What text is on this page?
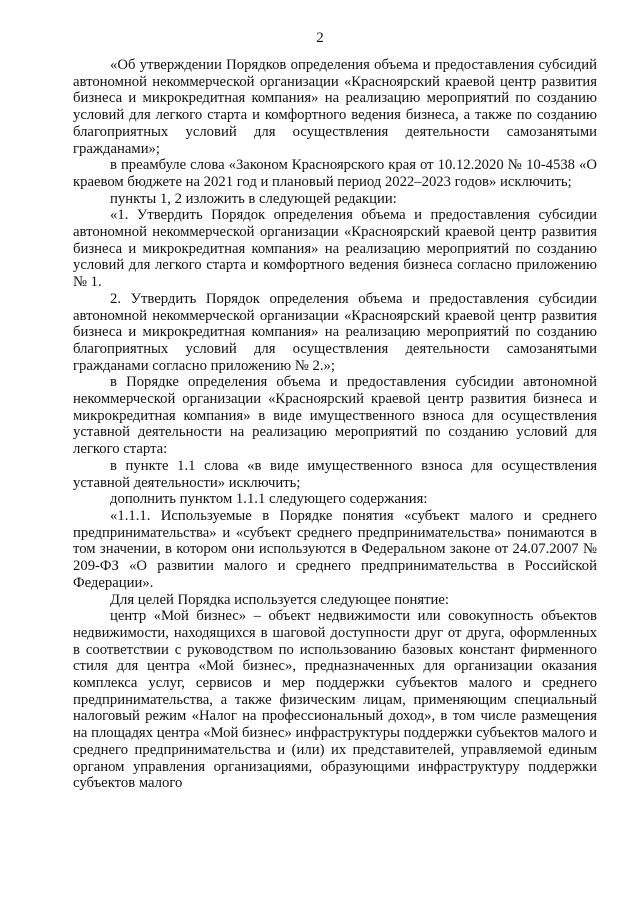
2

«Об утверждении Порядков определения объема и предоставления субсидий автономной некоммерческой организации «Красноярский краевой центр развития бизнеса и микрокредитная компания» на реализацию мероприятий по созданию условий для легкого старта и комфортного ведения бизнеса, а также по созданию благоприятных условий для осуществления деятельности самозанятыми гражданами»;

в преамбуле слова «Законом Красноярского края от 10.12.2020 № 10-4538 «О краевом бюджете на 2021 год и плановый период 2022–2023 годов» исключить;

пункты 1, 2 изложить в следующей редакции:

«1. Утвердить Порядок определения объема и предоставления субсидии автономной некоммерческой организации «Красноярский краевой центр развития бизнеса и микрокредитная компания» на реализацию мероприятий по созданию условий для легкого старта и комфортного ведения бизнеса согласно приложению № 1.

2. Утвердить Порядок определения объема и предоставления субсидии автономной некоммерческой организации «Красноярский краевой центр развития бизнеса и микрокредитная компания» на реализацию мероприятий по созданию благоприятных условий для осуществления деятельности самозанятыми гражданами согласно приложению № 2.»;

в Порядке определения объема и предоставления субсидии автономной некоммерческой организации «Красноярский краевой центр развития бизнеса и микрокредитная компания» в виде имущественного взноса для осуществления уставной деятельности на реализацию мероприятий по созданию условий для легкого старта:

в пункте 1.1 слова «в виде имущественного взноса для осуществления уставной деятельности» исключить;

дополнить пунктом 1.1.1 следующего содержания:

«1.1.1. Используемые в Порядке понятия «субъект малого и среднего предпринимательства» и «субъект среднего предпринимательства» понимаются в том значении, в котором они используются в Федеральном законе от 24.07.2007 № 209-ФЗ «О развитии малого и среднего предпринимательства в Российской Федерации».

Для целей Порядка используется следующее понятие:

центр «Мой бизнес» – объект недвижимости или совокупность объектов недвижимости, находящихся в шаговой доступности друг от друга, оформленных в соответствии с руководством по использованию базовых констант фирменного стиля для центра «Мой бизнес», предназначенных для организации оказания комплекса услуг, сервисов и мер поддержки субъектов малого и среднего предпринимательства, а также физическим лицам, применяющим специальный налоговый режим «Налог на профессиональный доход», в том числе размещения на площадях центра «Мой бизнес» инфраструктуры поддержки субъектов малого и среднего предпринимательства и (или) их представителей, управляемой единым органом управления организациями, образующими инфраструктуру поддержки субъектов малого
